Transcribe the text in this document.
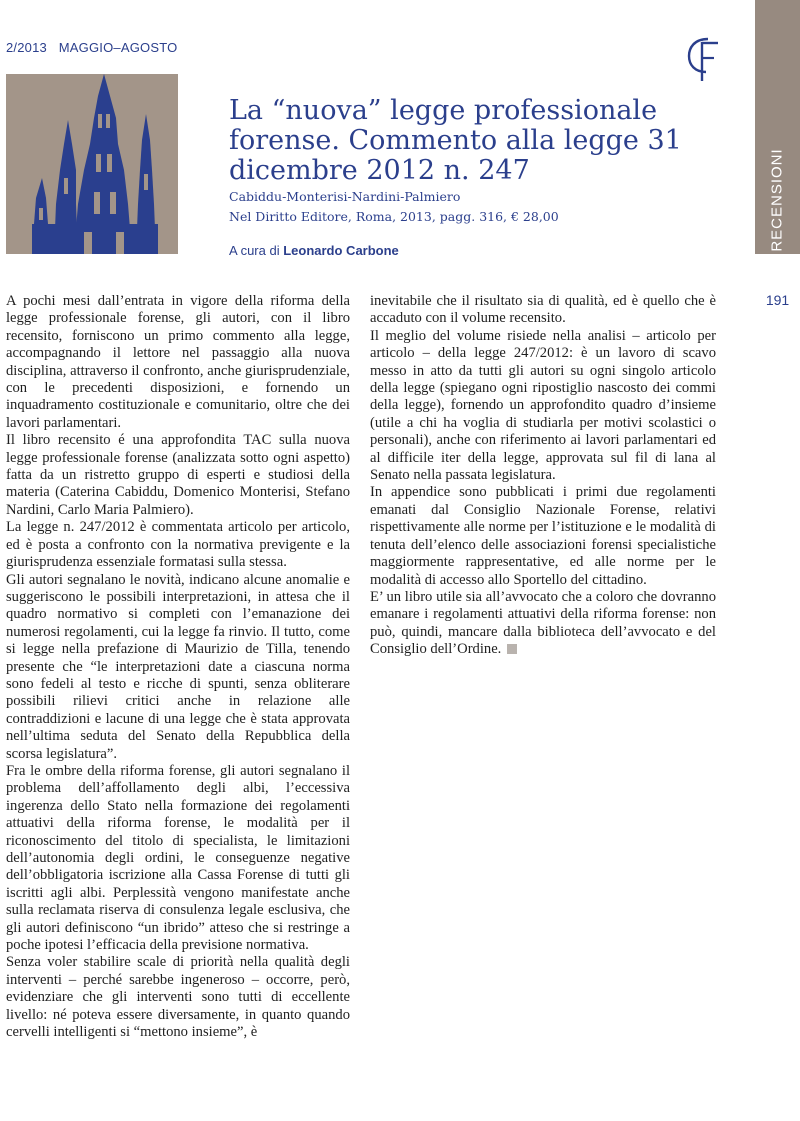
2/2013 MAGGIO–AGOSTO
RECENSIONI
191
La “nuova” legge professionale forense. Commento alla legge 31 dicembre 2012 n. 247
Cabiddu-Monterisi-Nardini-Palmiero
Nel Diritto Editore, Roma, 2013, pagg. 316, € 28,00
A cura di Leonardo Carbone

A pochi mesi dall’entrata in vigore della riforma della legge professionale forense, gli autori, con il libro recensito, forniscono un primo commento alla legge, accompagnando il lettore nel passaggio alla nuova disciplina, attraverso il confronto, anche giurisprudenziale, con le precedenti disposizioni, e fornendo un inquadramento costituzionale e comunitario, oltre che dei lavori parlamentari.

Il libro recensito é una approfondita TAC sulla nuova legge professionale forense (analizzata sotto ogni aspetto) fatta da un ristretto gruppo di esperti e studiosi della materia (Caterina Cabiddu, Domenico Monterisi, Stefano Nardini, Carlo Maria Palmiero).

La legge n. 247/2012 è commentata articolo per articolo, ed è posta a confronto con la normativa previgente e la giurisprudenza essenziale formatasi sulla stessa.

Gli autori segnalano le novità, indicano alcune anomalie e suggeriscono le possibili interpretazioni, in attesa che il quadro normativo si completi con l’emanazione dei numerosi regolamenti, cui la legge fa rinvio. Il tutto, come si legge nella prefazione di Maurizio de Tilla, tenendo presente che “le interpretazioni date a ciascuna norma sono fedeli al testo e ricche di spunti, senza obliterare possibili rilievi critici anche in relazione alle contraddizioni e lacune di una legge che è stata approvata nell’ultima seduta del Senato della Repubblica della scorsa legislatura”.

Fra le ombre della riforma forense, gli autori segnalano il problema dell’affollamento degli albi, l’eccessiva ingerenza dello Stato nella formazione dei regolamenti attuativi della riforma forense, le modalità per il riconoscimento del titolo di specialista, le limitazioni dell’autonomia degli ordini, le conseguenze negative dell’obbligatoria iscrizione alla Cassa Forense di tutti gli iscritti agli albi. Perplessità vengono manifestate anche sulla reclamata riserva di consulenza legale esclusiva, che gli autori definiscono “un ibrido” atteso che si restringe a poche ipotesi l’efficacia della previsione normativa.

Senza voler stabilire scale di priorità nella qualità degli interventi – perché sarebbe ingeneroso – occorre, però, evidenziare che gli interventi sono tutti di eccellente livello: né poteva essere diversamente, in quanto quando cervelli intelligenti si “mettono insieme”, è

inevitabile che il risultato sia di qualità, ed è quello che è accaduto con il volume recensito.

Il meglio del volume risiede nella analisi – articolo per articolo – della legge 247/2012: è un lavoro di scavo messo in atto da tutti gli autori su ogni singolo articolo della legge (spiegano ogni ripostiglio nascosto dei commi della legge), fornendo un approfondito quadro d’insieme (utile a chi ha voglia di studiarla per motivi scolastici o personali), anche con riferimento ai lavori parlamentari ed al difficile iter della legge, approvata sul fil di lana al Senato nella passata legislatura.

In appendice sono pubblicati i primi due regolamenti emanati dal Consiglio Nazionale Forense, relativi rispettivamente alle norme per l’istituzione e le modalità di tenuta dell’elenco delle associazioni forensi specialistiche maggiormente rappresentative, ed alle norme per le modalità di accesso allo Sportello del cittadino.

E’ un libro utile sia all’avvocato che a coloro che dovranno emanare i regolamenti attuativi della riforma forense: non può, quindi, mancare dalla biblioteca dell’avvocato e del Consiglio dell’Ordine.
